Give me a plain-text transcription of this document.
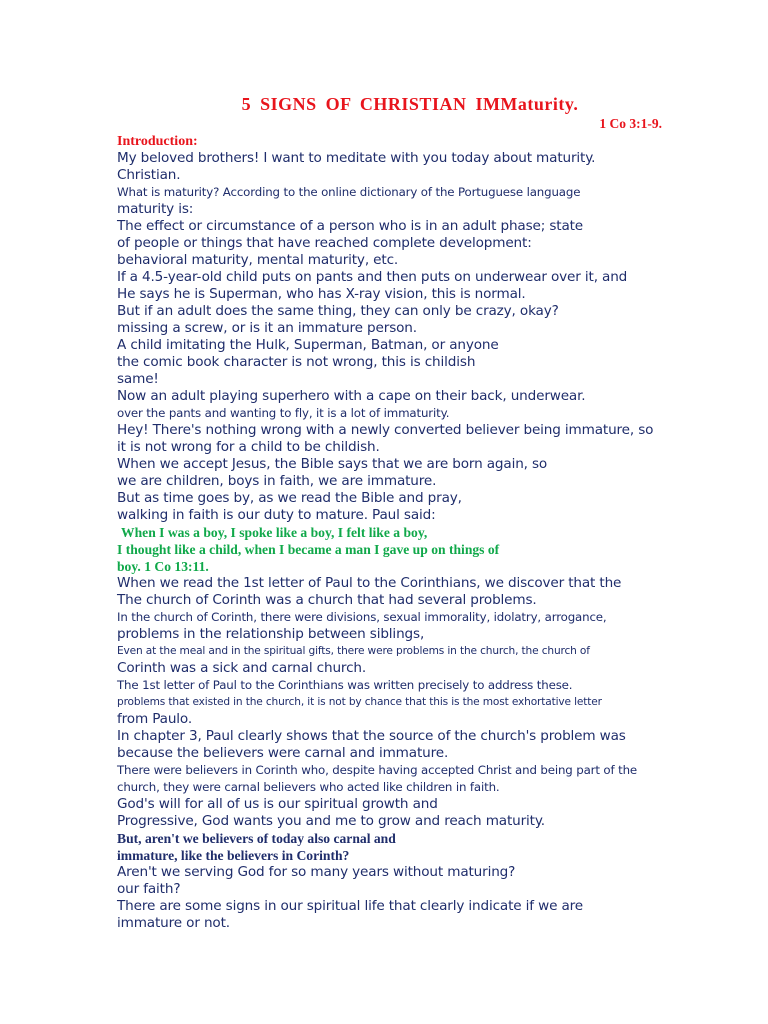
5 SIGNS OF CHRISTIAN IMMaturity.
1 Co 3:1-9.
Introduction:
My beloved brothers! I want to meditate with you today about maturity.
Christian.
What is maturity? According to the online dictionary of the Portuguese language
maturity is:
The effect or circumstance of a person who is in an adult phase; state
of people or things that have reached complete development:
behavioral maturity, mental maturity, etc.
If a 4.5-year-old child puts on pants and then puts on underwear over it, and
He says he is Superman, who has X-ray vision, this is normal.
But if an adult does the same thing, they can only be crazy, okay?
missing a screw, or is it an immature person.
A child imitating the Hulk, Superman, Batman, or anyone
the comic book character is not wrong, this is childish
same!
Now an adult playing superhero with a cape on their back, underwear.
over the pants and wanting to fly, it is a lot of immaturity.
Hey! There's nothing wrong with a newly converted believer being immature, so
it is not wrong for a child to be childish.
When we accept Jesus, the Bible says that we are born again, so
we are children, boys in faith, we are immature.
But as time goes by, as we read the Bible and pray,
walking in faith is our duty to mature. Paul said:
When I was a boy, I spoke like a boy, I felt like a boy,
I thought like a child, when I became a man I gave up on things of
boy. 1 Co 13:11.
When we read the 1st letter of Paul to the Corinthians, we discover that the
The church of Corinth was a church that had several problems.
In the church of Corinth, there were divisions, sexual immorality, idolatry, arrogance,
problems in the relationship between siblings,
Even at the meal and in the spiritual gifts, there were problems in the church, the church of
Corinth was a sick and carnal church.
The 1st letter of Paul to the Corinthians was written precisely to address these.
problems that existed in the church, it is not by chance that this is the most exhortative letter
from Paulo.
In chapter 3, Paul clearly shows that the source of the church's problem was
because the believers were carnal and immature.
There were believers in Corinth who, despite having accepted Christ and being part of the
church, they were carnal believers who acted like children in faith.
God's will for all of us is our spiritual growth and
Progressive, God wants you and me to grow and reach maturity.
But, aren't we believers of today also carnal and
immature, like the believers in Corinth?
Aren't we serving God for so many years without maturing?
our faith?
There are some signs in our spiritual life that clearly indicate if we are
immature or not.
